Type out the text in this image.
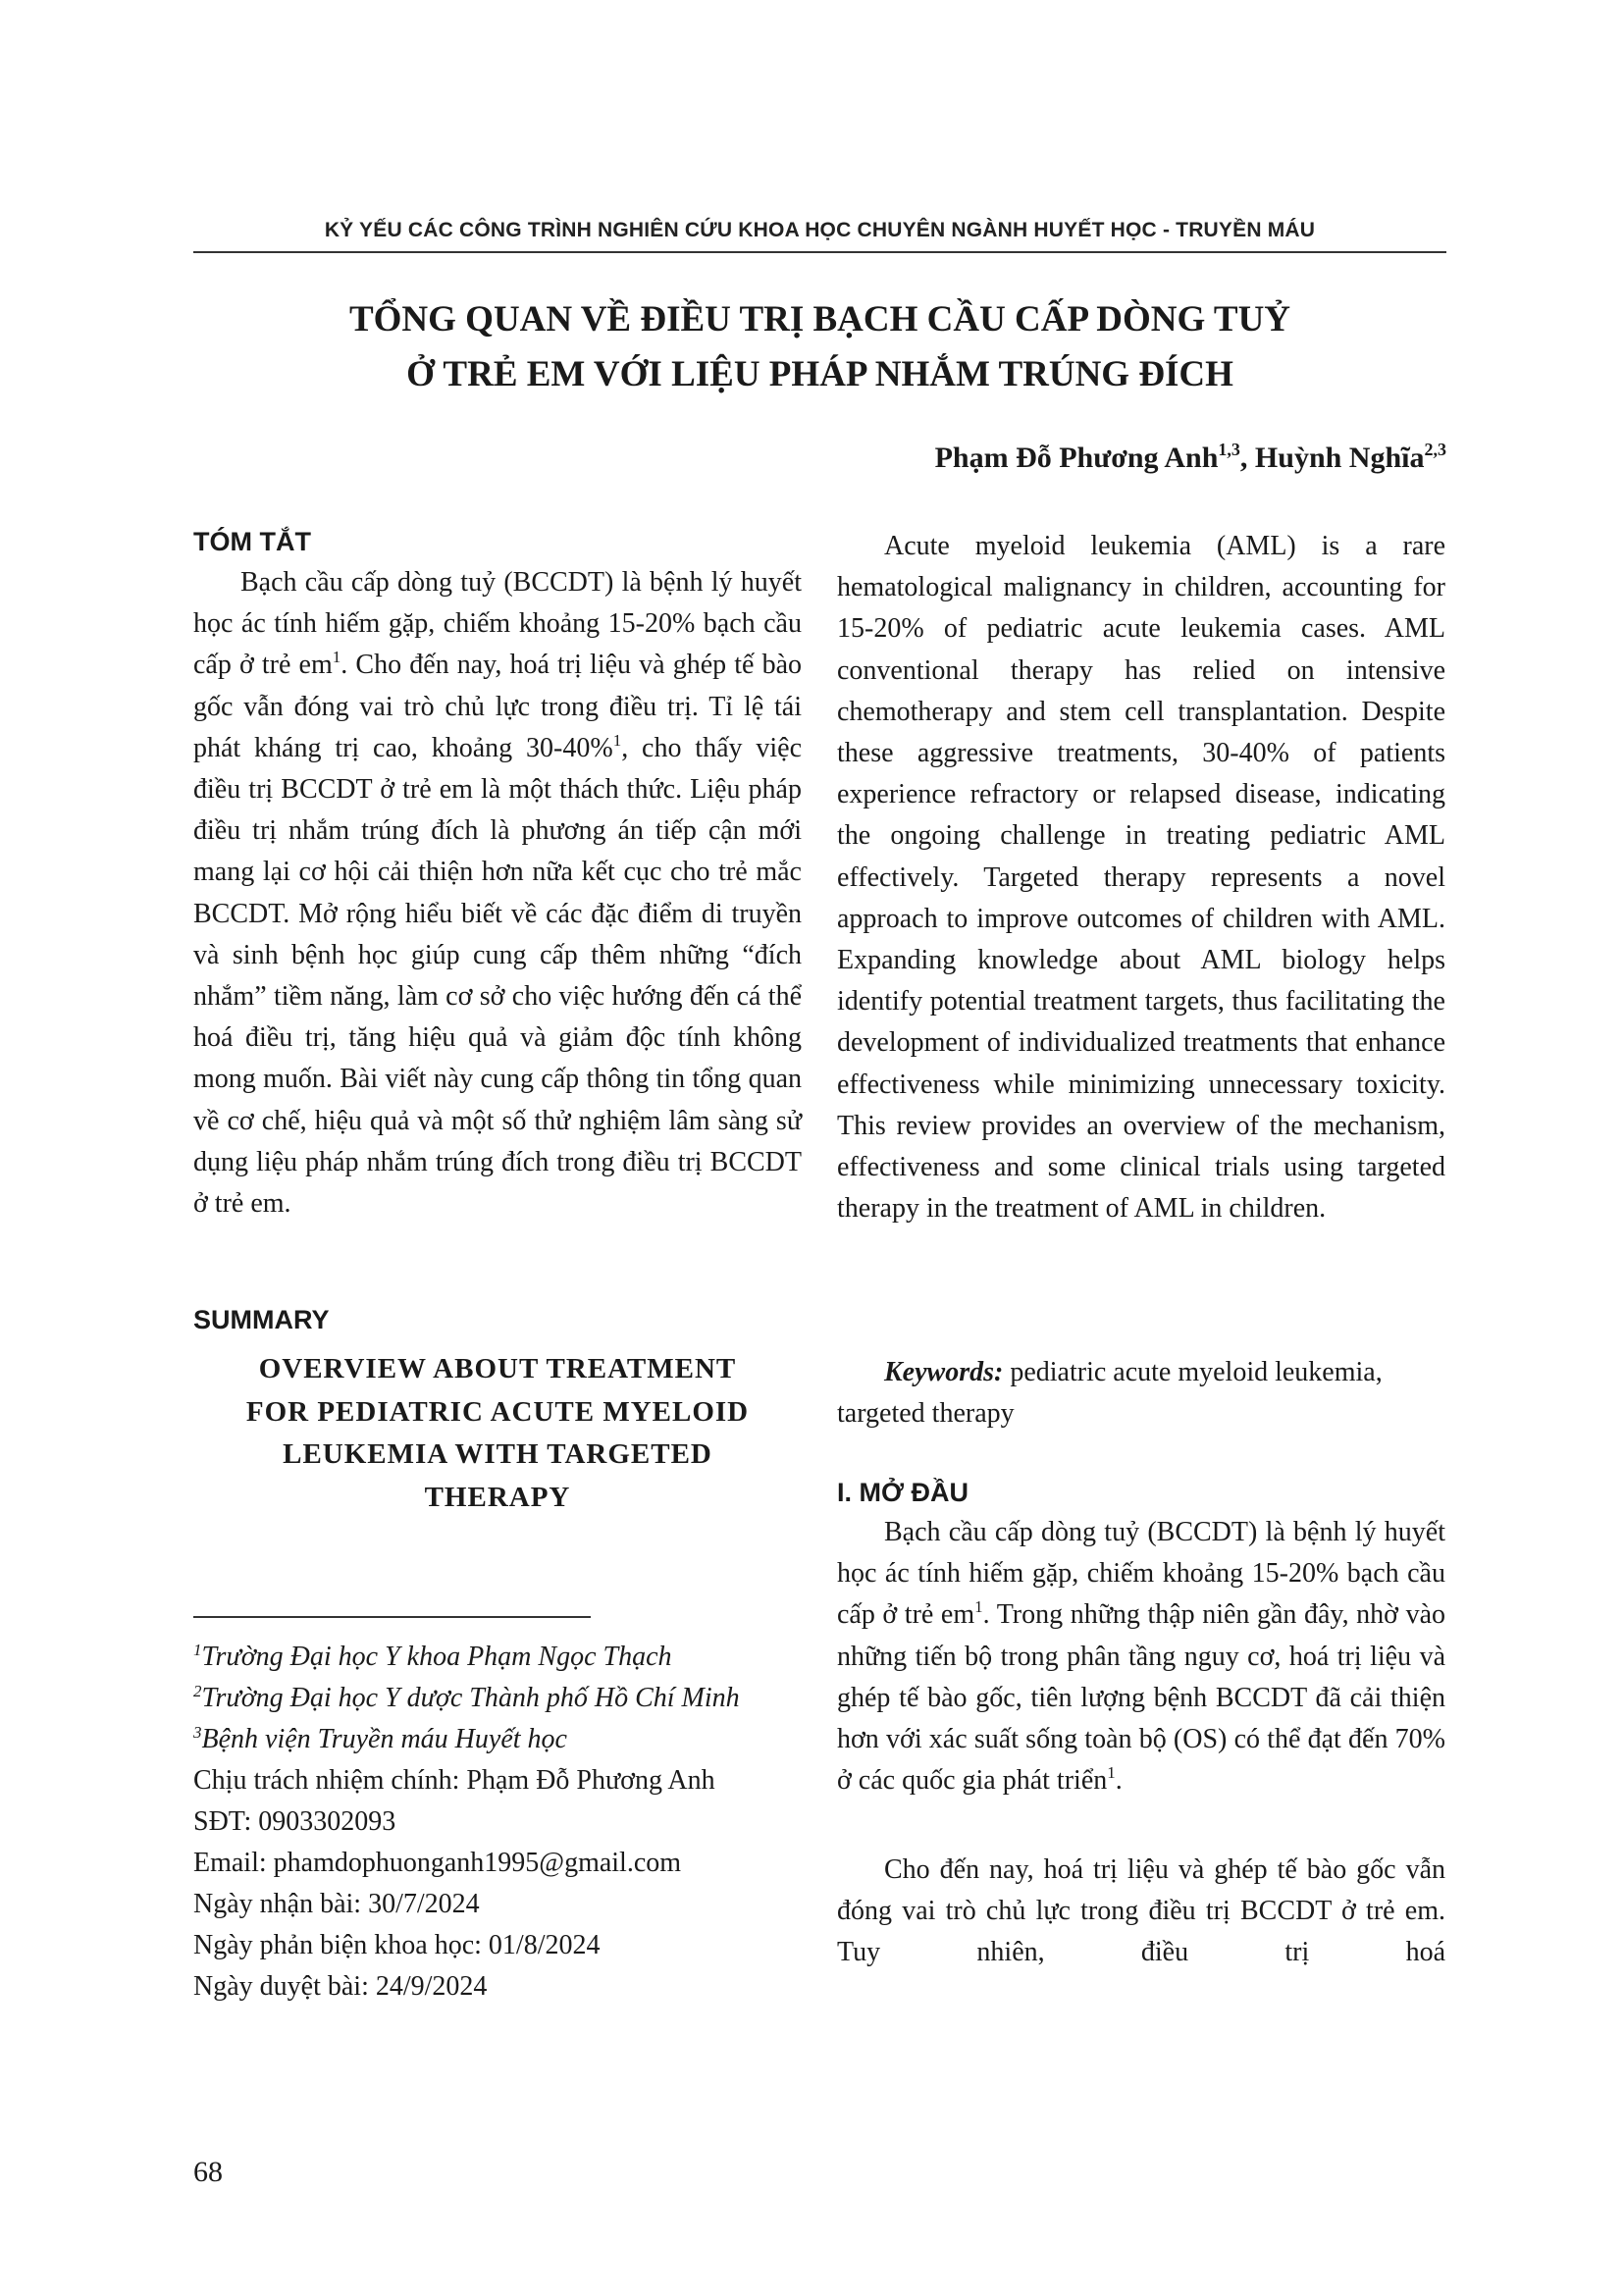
KỶ YẾU CÁC CÔNG TRÌNH NGHIÊN CỨU KHOA HỌC CHUYÊN NGÀNH HUYẾT HỌC - TRUYỀN MÁU
TỔNG QUAN VỀ ĐIỀU TRỊ BẠCH CẦU CẤP DÒNG TUỶ
Ở TRẺ EM VỚI LIỆU PHÁP NHẮM TRÚNG ĐÍCH
Phạm Đỗ Phương Anh$^{1,3}$, Huỳnh Nghĩa$^{2,3}$
TÓM TẮT
Bạch cầu cấp dòng tuỷ (BCCDT) là bệnh lý huyết học ác tính hiếm gặp, chiếm khoảng 15-20% bạch cầu cấp ở trẻ em$^1$. Cho đến nay, hoá trị liệu và ghép tế bào gốc vẫn đóng vai trò chủ lực trong điều trị. Tỉ lệ tái phát kháng trị cao, khoảng 30-40%$^1$, cho thấy việc điều trị BCCDT ở trẻ em là một thách thức. Liệu pháp điều trị nhắm trúng đích là phương án tiếp cận mới mang lại cơ hội cải thiện hơn nữa kết cục cho trẻ mắc BCCDT. Mở rộng hiểu biết về các đặc điểm di truyền và sinh bệnh học giúp cung cấp thêm những “đích nhắm” tiềm năng, làm cơ sở cho việc hướng đến cá thể hoá điều trị, tăng hiệu quả và giảm độc tính không mong muốn. Bài viết này cung cấp thông tin tổng quan về cơ chế, hiệu quả và một số thử nghiệm lâm sàng sử dụng liệu pháp nhắm trúng đích trong điều trị BCCDT ở trẻ em.
SUMMARY
OVERVIEW ABOUT TREATMENT
FOR PEDIATRIC ACUTE MYELOID
LEUKEMIA WITH TARGETED
THERAPY
$^1$Trường Đại học Y khoa Phạm Ngọc Thạch
$^2$Trường Đại học Y dược Thành phố Hồ Chí Minh
$^3$Bệnh viện Truyền máu Huyết học
Chịu trách nhiệm chính: Phạm Đỗ Phương Anh
SĐT: 0903302093
Email: phamdophuonganh1995@gmail.com
Ngày nhận bài: 30/7/2024
Ngày phản biện khoa học: 01/8/2024
Ngày duyệt bài: 24/9/2024
Acute myeloid leukemia (AML) is a rare hematological malignancy in children, accounting for 15-20% of pediatric acute leukemia cases. AML conventional therapy has relied on intensive chemotherapy and stem cell transplantation. Despite these aggressive treatments, 30-40% of patients experience refractory or relapsed disease, indicating the ongoing challenge in treating pediatric AML effectively. Targeted therapy represents a novel approach to improve outcomes of children with AML. Expanding knowledge about AML biology helps identify potential treatment targets, thus facilitating the development of individualized treatments that enhance effectiveness while minimizing unnecessary toxicity. This review provides an overview of the mechanism, effectiveness and some clinical trials using targeted therapy in the treatment of AML in children.
Keywords: pediatric acute myeloid leukemia, targeted therapy
I. MỞ ĐẦU
Bạch cầu cấp dòng tuỷ (BCCDT) là bệnh lý huyết học ác tính hiếm gặp, chiếm khoảng 15-20% bạch cầu cấp ở trẻ em$^1$. Trong những thập niên gần đây, nhờ vào những tiến bộ trong phân tầng nguy cơ, hoá trị liệu và ghép tế bào gốc, tiên lượng bệnh BCCDT đã cải thiện hơn với xác suất sống toàn bộ (OS) có thể đạt đến 70% ở các quốc gia phát triển$^1$.
Cho đến nay, hoá trị liệu và ghép tế bào gốc vẫn đóng vai trò chủ lực trong điều trị BCCDT ở trẻ em. Tuy nhiên, điều trị hoá
68
